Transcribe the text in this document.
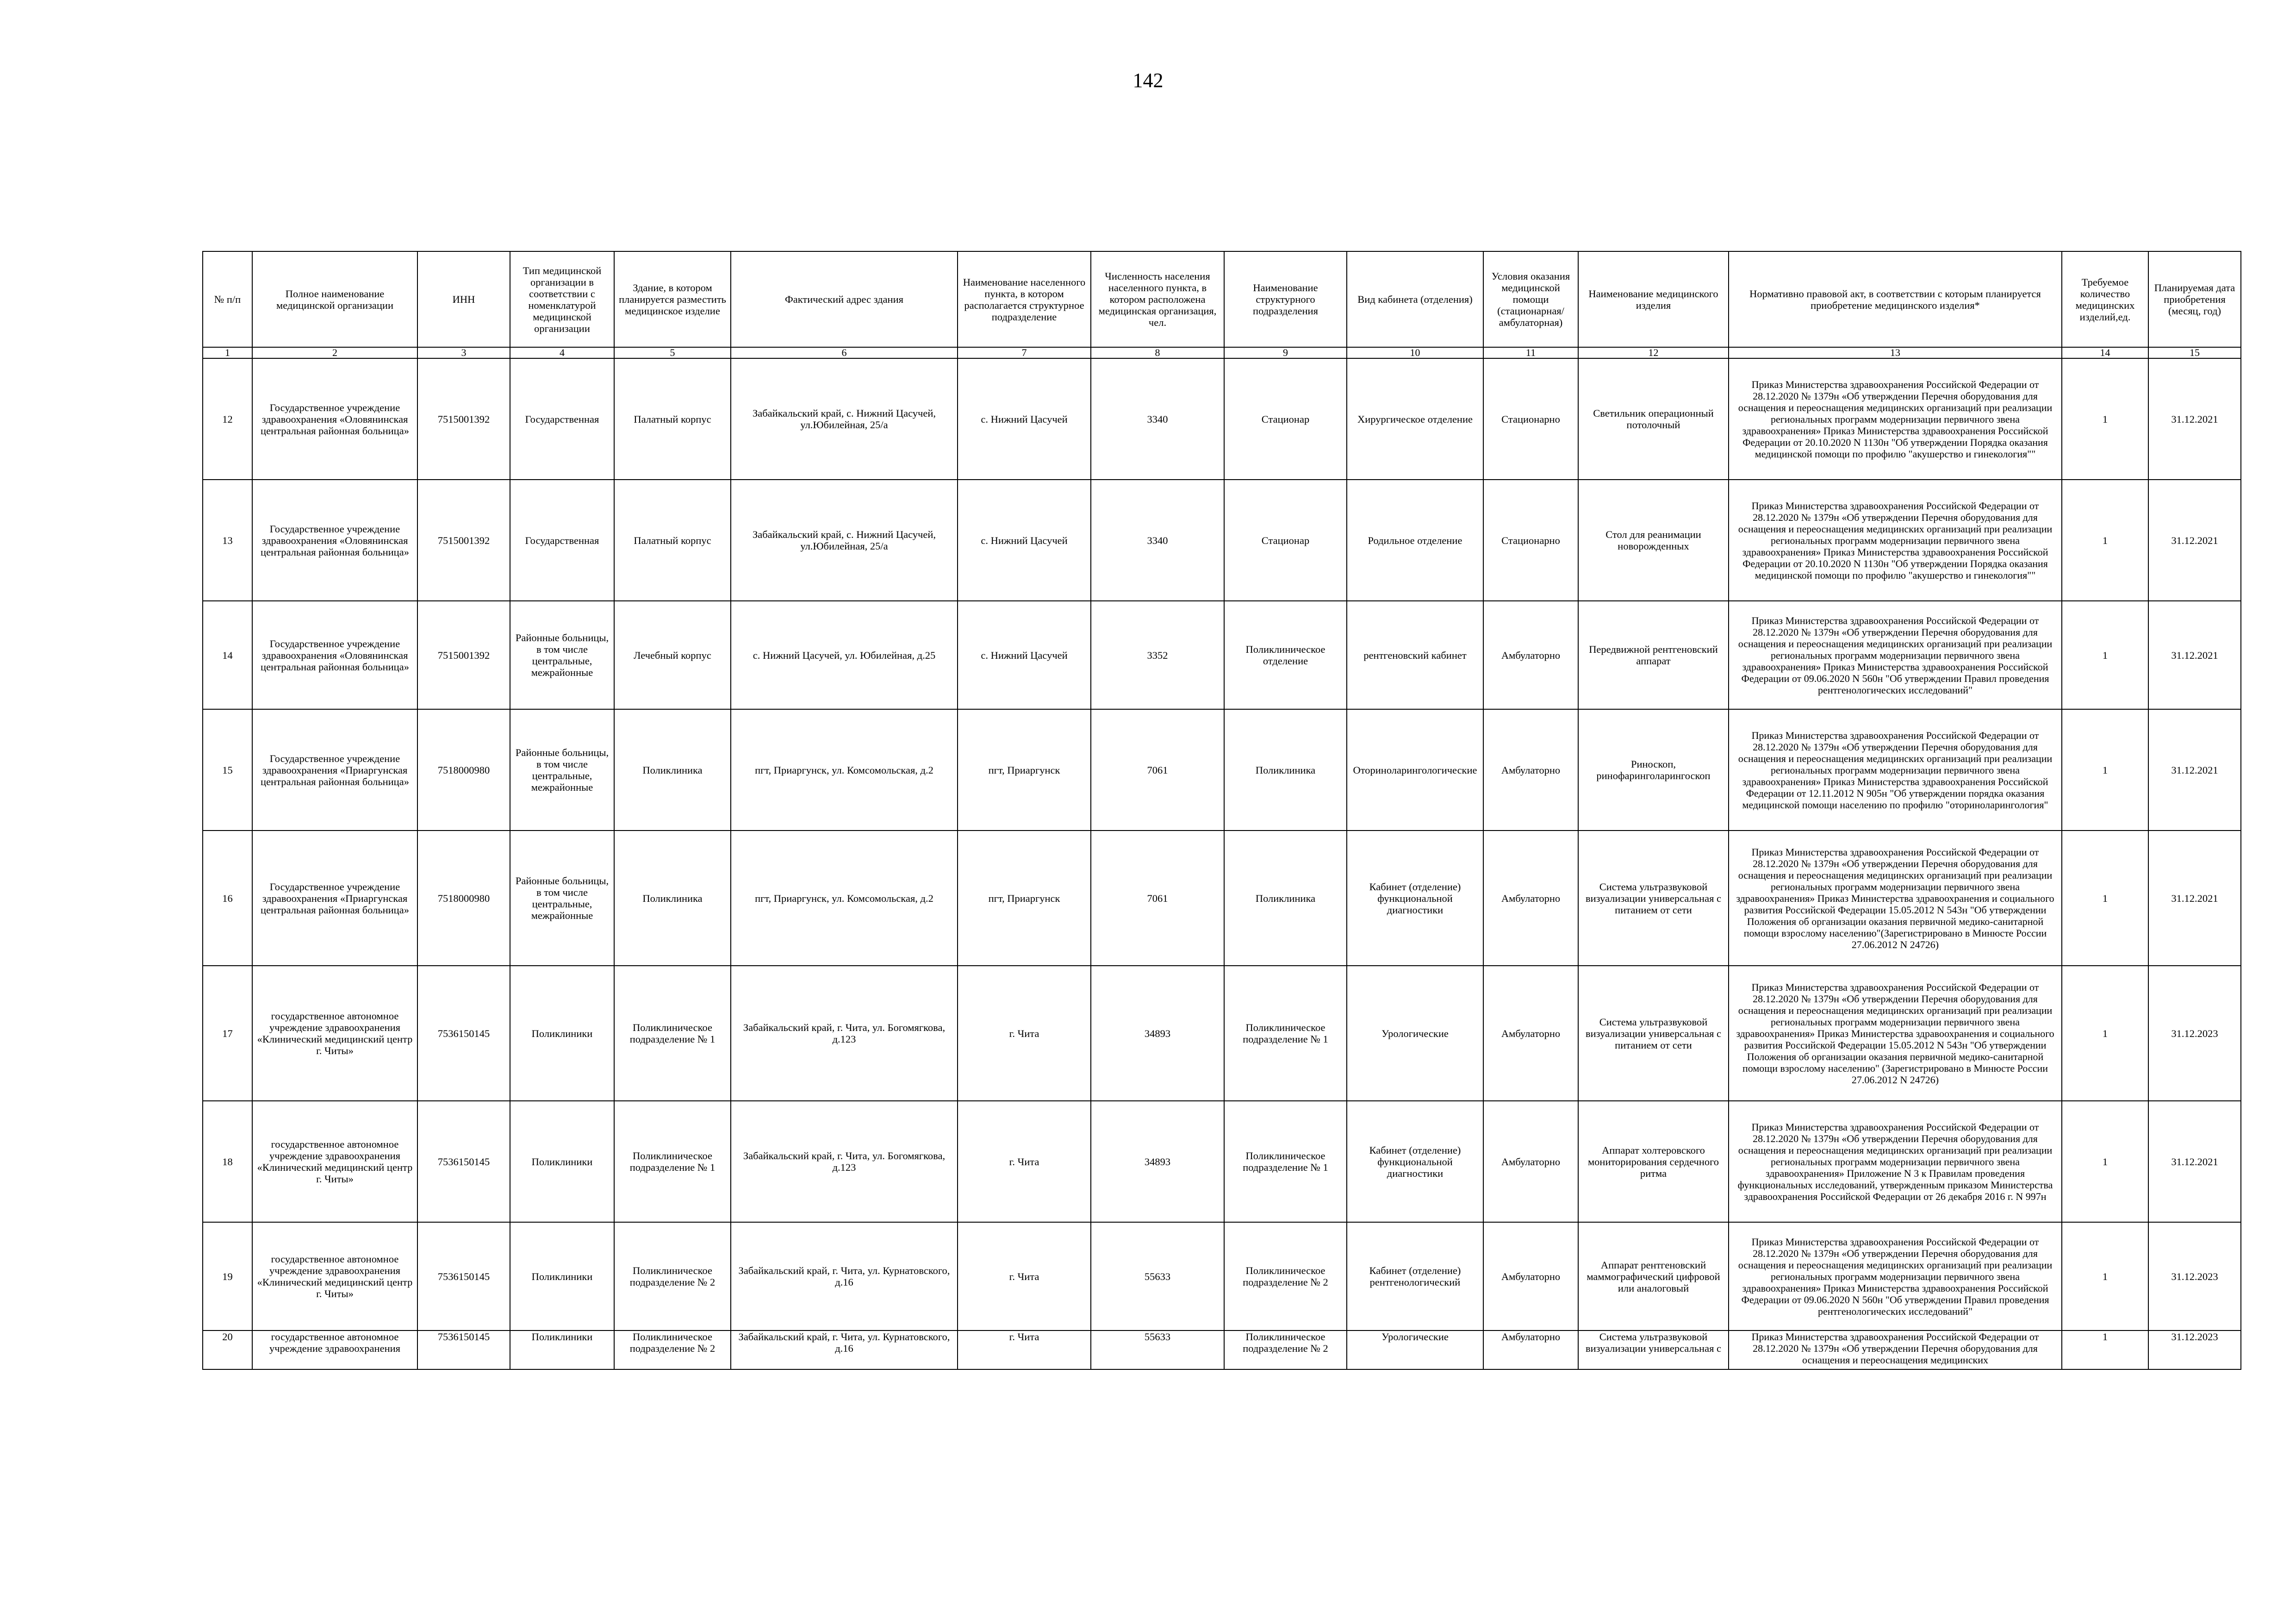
142
№ п/п	Полное наименование медицинской организации	ИНН	Тип медицинской организации в соответствии с номенклатурой медицинской организации	Здание, в котором планируется разместить медицинское изделие	Фактический адрес здания	Наименование населенного пункта, в котором располагается структурное подразделение	Численность населения населенного пункта, в котором расположена медицинская организация, чел.	Наименование структурного подразделения	Вид кабинета (отделения)	Условия оказания медицинской помощи (стационарная/ амбулаторная)	Наименование медицинского изделия	Нормативно правовой акт, в соответствии с которым планируется приобретение медицинского изделия*	Требуемое количество медицинских изделий,ед.	Планируемая дата приобретения (месяц, год)
1	2	3	4	5	6	7	8	9	10	11	12	13	14	15
12	Государственное учреждение здравоохранения «Оловянинская центральная районная больница»	7515001392	Государственная	Палатный корпус	Забайкальский край, с. Нижний Цасучей, ул.Юбилейная, 25/а	с. Нижний Цасучей	3340	Стационар	Хирургическое отделение	Стационарно	Светильник операционный потолочный	Приказ Министерства здравоохранения Российской Федерации от 28.12.2020 № 1379н «Об утверждении Перечня оборудования для оснащения и переоснащения медицинских организаций при реализации региональных программ модернизации первичного звена здравоохранения» Приказ Министерства здравоохранения Российской Федерации от 20.10.2020 N 1130н "Об утверждении Порядка оказания медицинской помощи по профилю "акушерство и гинекология""	1	31.12.2021
13	Государственное учреждение здравоохранения «Оловянинская центральная районная больница»	7515001392	Государственная	Палатный корпус	Забайкальский край, с. Нижний Цасучей, ул.Юбилейная, 25/а	с. Нижний Цасучей	3340	Стационар	Родильное отделение	Стационарно	Стол для реанимации новорожденных	Приказ Министерства здравоохранения Российской Федерации от 28.12.2020 № 1379н «Об утверждении Перечня оборудования для оснащения и переоснащения медицинских организаций при реализации региональных программ модернизации первичного звена здравоохранения» Приказ Министерства здравоохранения Российской Федерации от 20.10.2020 N 1130н "Об утверждении Порядка оказания медицинской помощи по профилю "акушерство и гинекология""	1	31.12.2021
14	Государственное учреждение здравоохранения «Оловянинская центральная районная больница»	7515001392	Районные больницы, в том числе центральные, межрайонные	Лечебный корпус	с. Нижний Цасучей, ул. Юбилейная, д.25	с. Нижний Цасучей	3352	Поликлиническое отделение	рентгеновский кабинет	Амбулаторно	Передвижной рентгеновский аппарат	Приказ Министерства здравоохранения Российской Федерации от 28.12.2020 № 1379н «Об утверждении Перечня оборудования для оснащения и переоснащения медицинских организаций при реализации региональных программ модернизации первичного звена здравоохранения» Приказ Министерства здравоохранения Российской Федерации от 09.06.2020 N 560н "Об утверждении Правил проведения рентгенологических исследований"	1	31.12.2021
15	Государственное учреждение здравоохранения «Приаргунская центральная районная больница»	7518000980	Районные больницы, в том числе центральные, межрайонные	Поликлиника	пгт, Приаргунск, ул. Комсомольская, д.2	пгт, Приаргунск	7061	Поликлиника	Оториноларингологические	Амбулаторно	Риноскоп, ринофаринголарингоскоп	Приказ Министерства здравоохранения Российской Федерации от 28.12.2020 № 1379н «Об утверждении Перечня оборудования для оснащения и переоснащения медицинских организаций при реализации региональных программ модернизации первичного звена здравоохранения» Приказ Министерства здравоохранения Российской Федерации от 12.11.2012 N 905н "Об утверждении порядка оказания медицинской помощи населению по профилю "оториноларингология"	1	31.12.2021
16	Государственное учреждение здравоохранения «Приаргунская центральная районная больница»	7518000980	Районные больницы, в том числе центральные, межрайонные	Поликлиника	пгт, Приаргунск, ул. Комсомольская, д.2	пгт, Приаргунск	7061	Поликлиника	Кабинет (отделение) функциональной диагностики	Амбулаторно	Система ультразвуковой визуализации универсальная с питанием от сети	Приказ Министерства здравоохранения Российской Федерации от 28.12.2020 № 1379н «Об утверждении Перечня оборудования для оснащения и переоснащения медицинских организаций при реализации региональных программ модернизации первичного звена здравоохранения» Приказ Министерства здравоохранения и социального развития Российской Федерации 15.05.2012 N 543н "Об утверждении Положения об организации оказания первичной медико-санитарной помощи взрослому населению"(Зарегистрировано в Минюсте России 27.06.2012 N 24726)	1	31.12.2021
17	государственное автономное учреждение здравоохранения «Клинический медицинский центр г. Читы»	7536150145	Поликлиники	Поликлиническое подразделение № 1	Забайкальский край, г. Чита, ул. Богомягкова, д.123	г. Чита	34893	Поликлиническое подразделение № 1	Урологические	Амбулаторно	Система ультразвуковой визуализации универсальная с питанием от сети	Приказ Министерства здравоохранения Российской Федерации от 28.12.2020 № 1379н «Об утверждении Перечня оборудования для оснащения и переоснащения медицинских организаций при реализации региональных программ модернизации первичного звена здравоохранения» Приказ Министерства здравоохранения и социального развития Российской Федерации 15.05.2012 N 543н "Об утверждении Положения об организации оказания первичной медико-санитарной помощи взрослому населению" (Зарегистрировано в Минюсте России 27.06.2012 N 24726)	1	31.12.2023
18	государственное автономное учреждение здравоохранения «Клинический медицинский центр г. Читы»	7536150145	Поликлиники	Поликлиническое подразделение № 1	Забайкальский край, г. Чита, ул. Богомягкова, д.123	г. Чита	34893	Поликлиническое подразделение № 1	Кабинет (отделение) функциональной диагностики	Амбулаторно	Аппарат холтеровского мониторирования сердечного ритма	Приказ Министерства здравоохранения Российской Федерации от 28.12.2020 № 1379н «Об утверждении Перечня оборудования для оснащения и переоснащения медицинских организаций при реализации региональных программ модернизации первичного звена здравоохранения» Приложение N 3 к Правилам проведения функциональных исследований, утвержденным приказом Министерства здравоохранения Российской Федерации от 26 декабря 2016 г. N 997н	1	31.12.2021
19	государственное автономное учреждение здравоохранения «Клинический медицинский центр г. Читы»	7536150145	Поликлиники	Поликлиническое подразделение № 2	Забайкальский край, г. Чита, ул. Курнатовского, д.16	г. Чита	55633	Поликлиническое подразделение № 2	Кабинет (отделение) рентгенологический	Амбулаторно	Аппарат рентгеновский маммографический цифровой или аналоговый	Приказ Министерства здравоохранения Российской Федерации от 28.12.2020 № 1379н «Об утверждении Перечня оборудования для оснащения и переоснащения медицинских организаций при реализации региональных программ модернизации первичного звена здравоохранения» Приказ Министерства здравоохранения Российской Федерации от 09.06.2020 N 560н "Об утверждении Правил проведения рентгенологических исследований"	1	31.12.2023
20	государственное автономное учреждение здравоохранения	7536150145	Поликлиники	Поликлиническое подразделение № 2	Забайкальский край, г. Чита, ул. Курнатовского, д.16	г. Чита	55633	Поликлиническое подразделение № 2	Урологические	Амбулаторно	Система ультразвуковой визуализации универсальная с	Приказ Министерства здравоохранения Российской Федерации от 28.12.2020 № 1379н «Об утверждении Перечня оборудования для оснащения и переоснащения медицинских	1	31.12.2023
